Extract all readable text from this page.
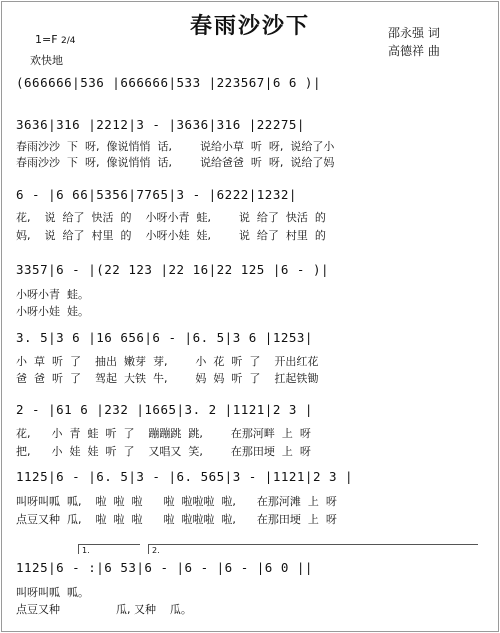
春雨沙沙下
1=F 2/4
欢快地
邵永强 词
高德祥 曲
(666666|536 |666666|533 |223567|6 6 )|
3636|316 |2212|3 - |3636|316 |22275|
春雨沙沙  下  呀,  像说悄悄  话,        说给小草  听  呀,  说给了小
春雨沙沙  下  呀,  像说悄悄  话,        说给爸爸  听  呀,  说给了妈
6 - |6 66|5356|7765|3 - |6222|1232|
花,    说  给了  快活  的    小呀小青  蛙,        说  给了  快活  的
妈,    说  给了  村里  的    小呀小娃  娃,        说  给了  村里  的
3357|6 - |(22 123 |22 16|22 125 |6 - )|
小呀小青  蛙。
小呀小娃  娃。
3. 5|3 6 |16 656|6 - |6. 5|3 6 |1253|
小  草  听  了    抽出  嫩芽  芽,        小  花  听  了    开出红花
爸  爸  听  了    驾起  大铁  牛,        妈  妈  听  了    扛起铁锄
2 - |61 6 |232 |1665|3. 2 |1121|2 3 |
花,      小  青  蛙  听  了    蹦蹦跳  跳,        在那河畔  上  呀
把,      小  娃  娃  听  了    又唱又  笑,        在那田埂  上  呀
1125|6 - |6. 5|3 - |6. 565|3 - |1121|2 3 |
叫呀叫呱  呱,    啦  啦  啦      啦  啦啦啦  啦,      在那河滩  上  呀
点豆又种  瓜,    啦  啦  啦      啦  啦啦啦  啦,      在那田埂  上  呀
1.	2.
1125|6 - :|6 53|6 - |6 - |6 - |6 0 ||
叫呀叫呱  呱。
点豆又种                瓜, 又种    瓜。
